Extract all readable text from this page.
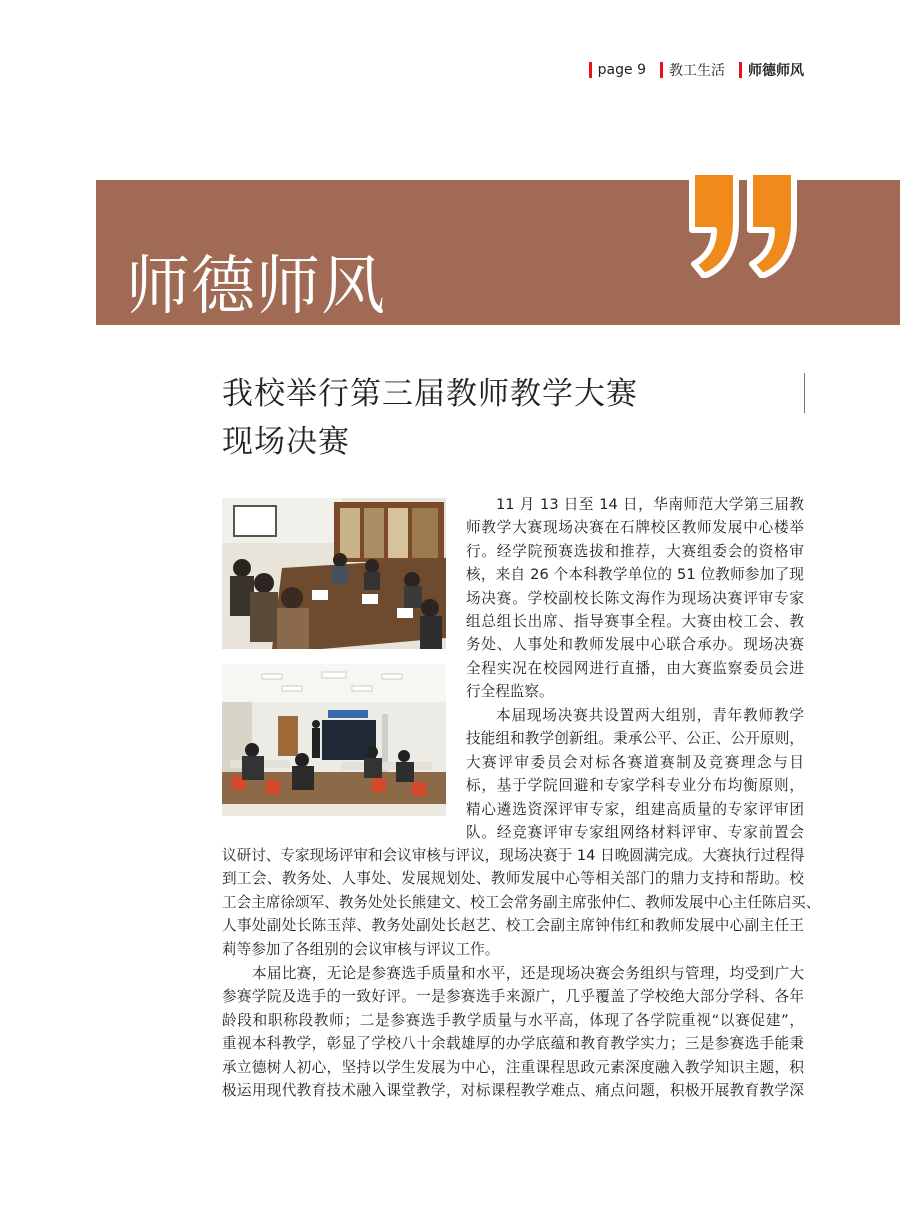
page 9 教工生活 师德师风
师德师风
我校举行第三届教师教学大赛
现场决赛
11 月 13 日至 14 日，华南师范大学第三届教
师教学大赛现场决赛在石牌校区教师发展中心楼举
行。经学院预赛选拔和推荐，大赛组委会的资格审
核，来自 26 个本科教学单位的 51 位教师参加了现
场决赛。学校副校长陈文海作为现场决赛评审专家
组总组长出席、指导赛事全程。大赛由校工会、教
务处、人事处和教师发展中心联合承办。现场决赛
全程实况在校园网进行直播，由大赛监察委员会进
行全程监察。
本届现场决赛共设置两大组别，青年教师教学
技能组和教学创新组。秉承公平、公正、公开原则，
大赛评审委员会对标各赛道赛制及竞赛理念与目
标，基于学院回避和专家学科专业分布均衡原则，
精心遴选资深评审专家，组建高质量的专家评审团
队。经竞赛评审专家组网络材料评审、专家前置会
议研讨、专家现场评审和会议审核与评议，现场决赛于 14 日晚圆满完成。大赛执行过程得
到工会、教务处、人事处、发展规划处、教师发展中心等相关部门的鼎力支持和帮助。校
工会主席徐颂军、教务处处长熊建文、校工会常务副主席张仲仁、教师发展中心主任陈启买、
人事处副处长陈玉萍、教务处副处长赵艺、校工会副主席钟伟红和教师发展中心副主任王
莉等参加了各组别的会议审核与评议工作。
本届比赛，无论是参赛选手质量和水平，还是现场决赛会务组织与管理，均受到广大
参赛学院及选手的一致好评。一是参赛选手来源广，几乎覆盖了学校绝大部分学科、各年
龄段和职称段教师；二是参赛选手教学质量与水平高，体现了各学院重视“以赛促建”，
重视本科教学，彰显了学校八十余载雄厚的办学底蕴和教育教学实力；三是参赛选手能秉
承立德树人初心，坚持以学生发展为中心，注重课程思政元素深度融入教学知识主题，积
极运用现代教育技术融入课堂教学，对标课程教学难点、痛点问题，积极开展教育教学深
